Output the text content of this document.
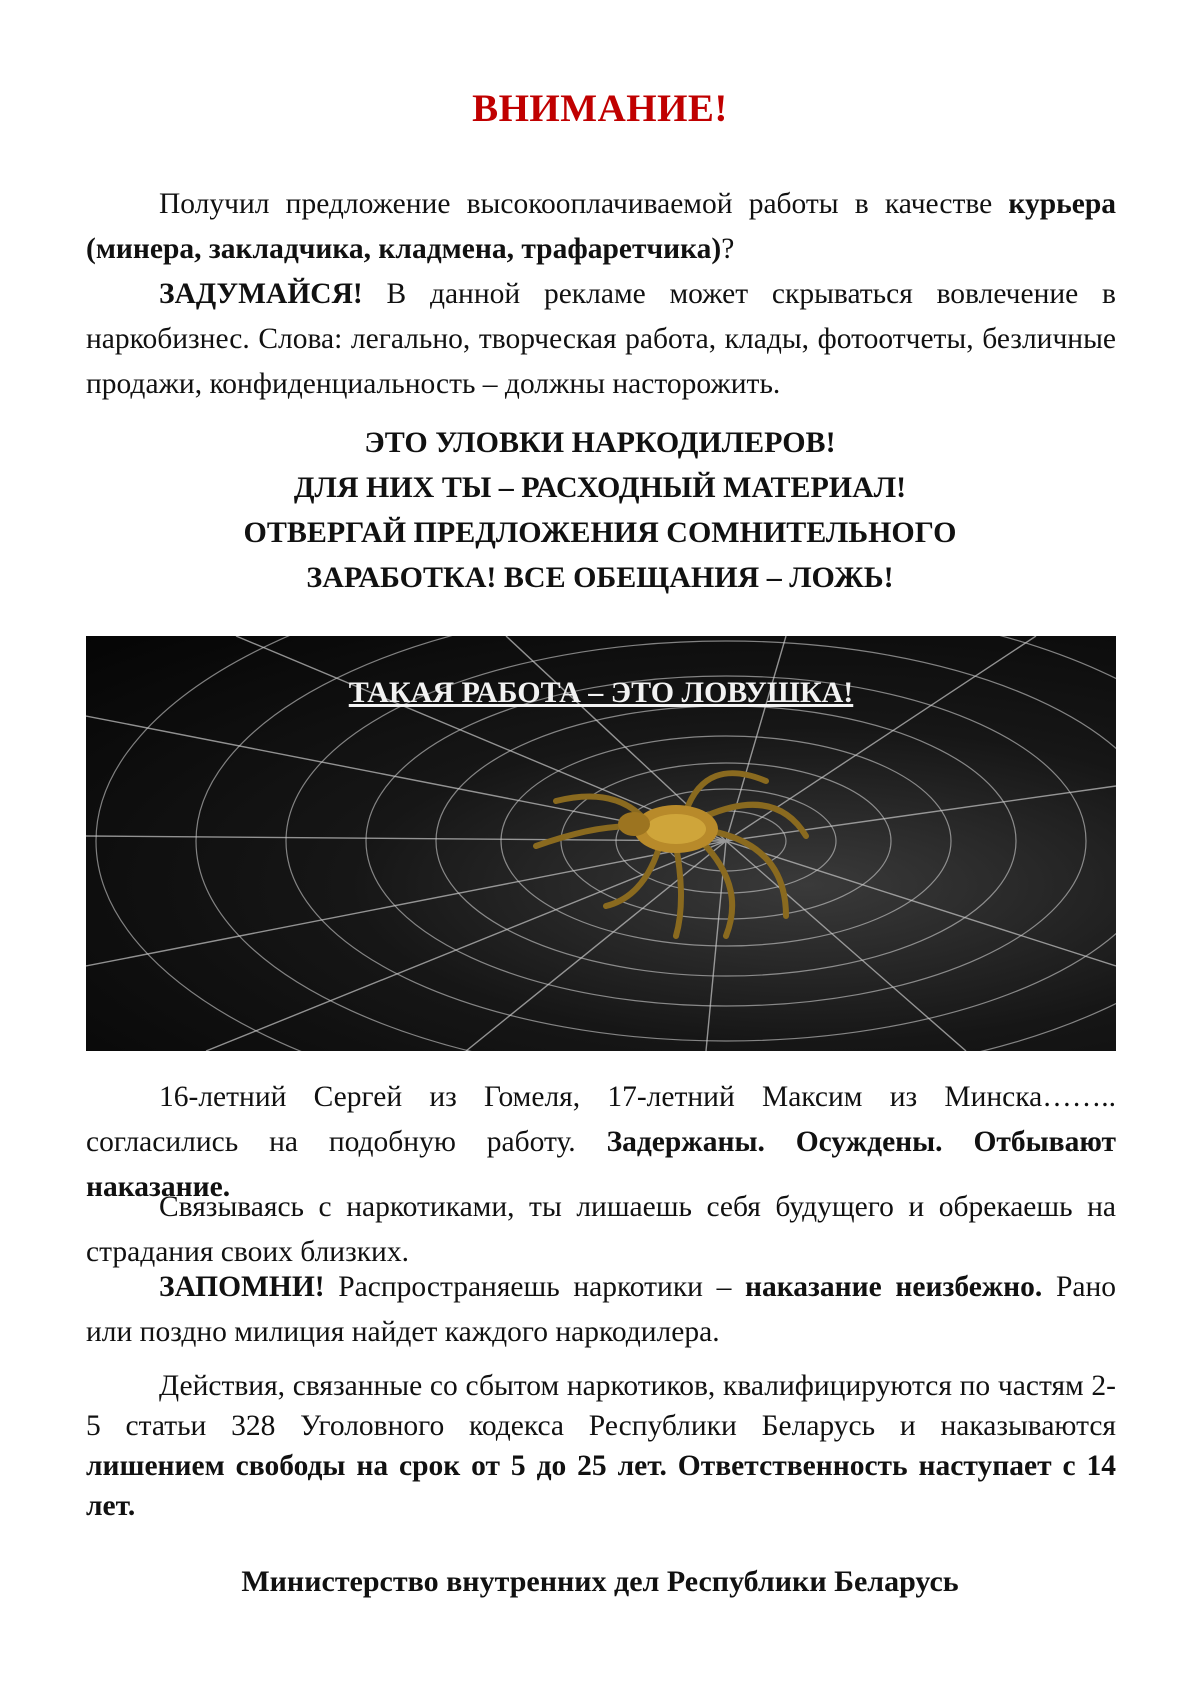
ВНИМАНИЕ!
Получил предложение высокооплачиваемой работы в качестве курьера (минера, закладчика, кладмена, трафаретчика)?
ЗАДУМАЙСЯ! В данной рекламе может скрываться вовлечение в наркобизнес. Слова: легально, творческая работа, клады, фотоотчеты, безличные продажи, конфиденциальность – должны насторожить.
ЭТО УЛОВКИ НАРКОДИЛЕРОВ!
ДЛЯ НИХ ТЫ – РАСХОДНЫЙ МАТЕРИАЛ!
ОТВЕРГАЙ ПРЕДЛОЖЕНИЯ СОМНИТЕЛЬНОГО
ЗАРАБОТКА! ВСЕ ОБЕЩАНИЯ – ЛОЖЬ!
ТАКАЯ РАБОТА – ЭТО ЛОВУШКА!
16-летний Сергей из Гомеля, 17-летний Максим из Минска…….. согласились на подобную работу. Задержаны. Осуждены. Отбывают наказание.
Связываясь с наркотиками, ты лишаешь себя будущего и обрекаешь на страдания своих близких.
ЗАПОМНИ! Распространяешь наркотики – наказание неизбежно. Рано или поздно милиция найдет каждого наркодилера.
Действия, связанные со сбытом наркотиков, квалифицируются по частям 2-5 статьи 328 Уголовного кодекса Республики Беларусь и наказываются лишением свободы на срок от 5 до 25 лет. Ответственность наступает с 14 лет.
Министерство внутренних дел Республики Беларусь
